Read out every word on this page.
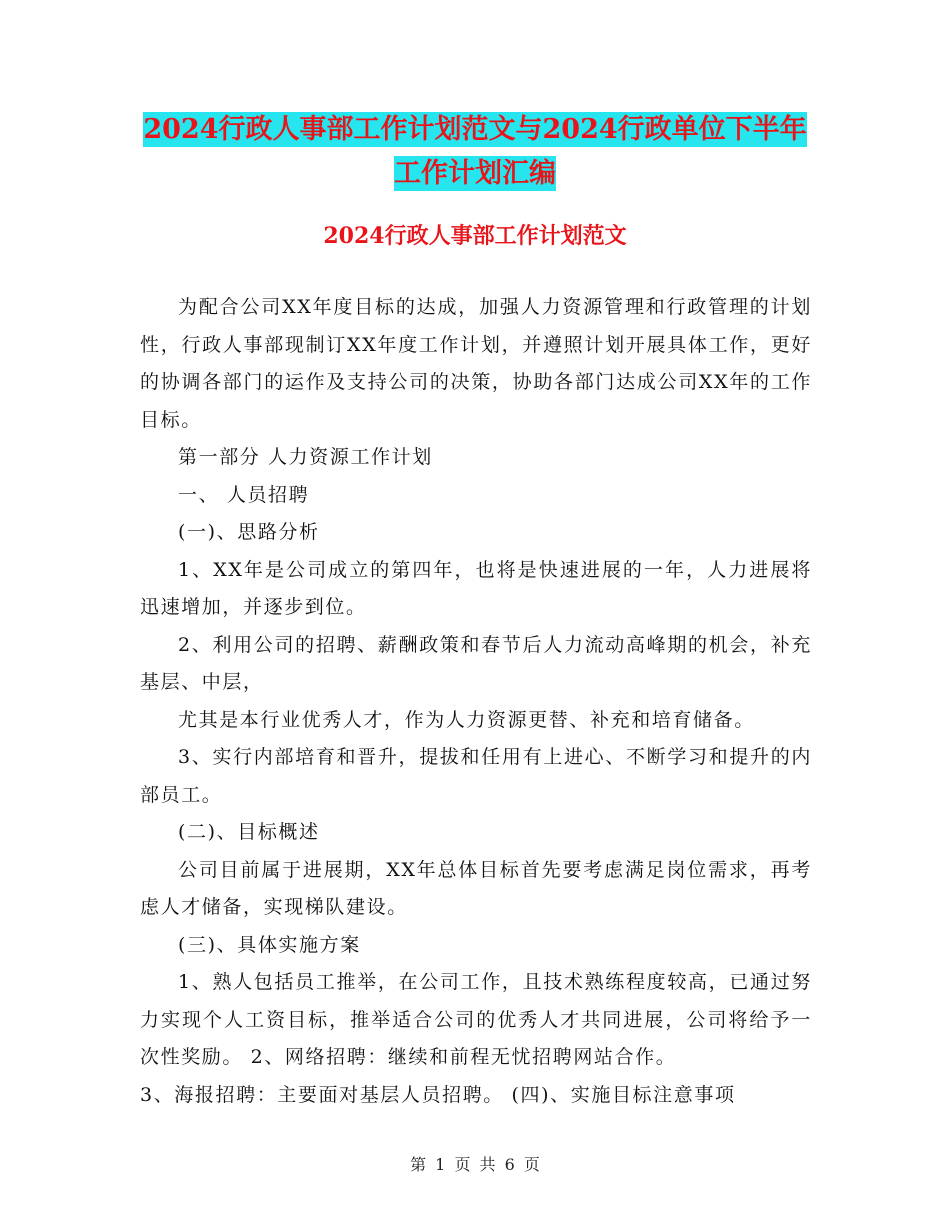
2024行政人事部工作计划范文与2024行政单位下半年
工作计划汇编
2024行政人事部工作计划范文

为配合公司XX年度目标的达成，加强人力资源管理和行政管理的计划性，行政人事部现制订XX年度工作计划，并遵照计划开展具体工作，更好的协调各部门的运作及支持公司的决策，协助各部门达成公司XX年的工作目标。

第一部分 人力资源工作计划

一、 人员招聘

(一)、思路分析

1、XX年是公司成立的第四年，也将是快速进展的一年，人力进展将迅速增加，并逐步到位。

2、利用公司的招聘、薪酬政策和春节后人力流动高峰期的机会，补充基层、中层，

尤其是本行业优秀人才，作为人力资源更替、补充和培育储备。

3、实行内部培育和晋升，提拔和任用有上进心、不断学习和提升的内部员工。

(二)、目标概述

公司目前属于进展期，XX年总体目标首先要考虑满足岗位需求，再考虑人才储备，实现梯队建设。

(三)、具体实施方案

1、熟人包括员工推举，在公司工作，且技术熟练程度较高，已通过努力实现个人工资目标，推举适合公司的优秀人才共同进展，公司将给予一次性奖励。 2、网络招聘：继续和前程无忧招聘网站合作。

3、海报招聘：主要面对基层人员招聘。 (四)、实施目标注意事项

第 1 页 共 6 页
